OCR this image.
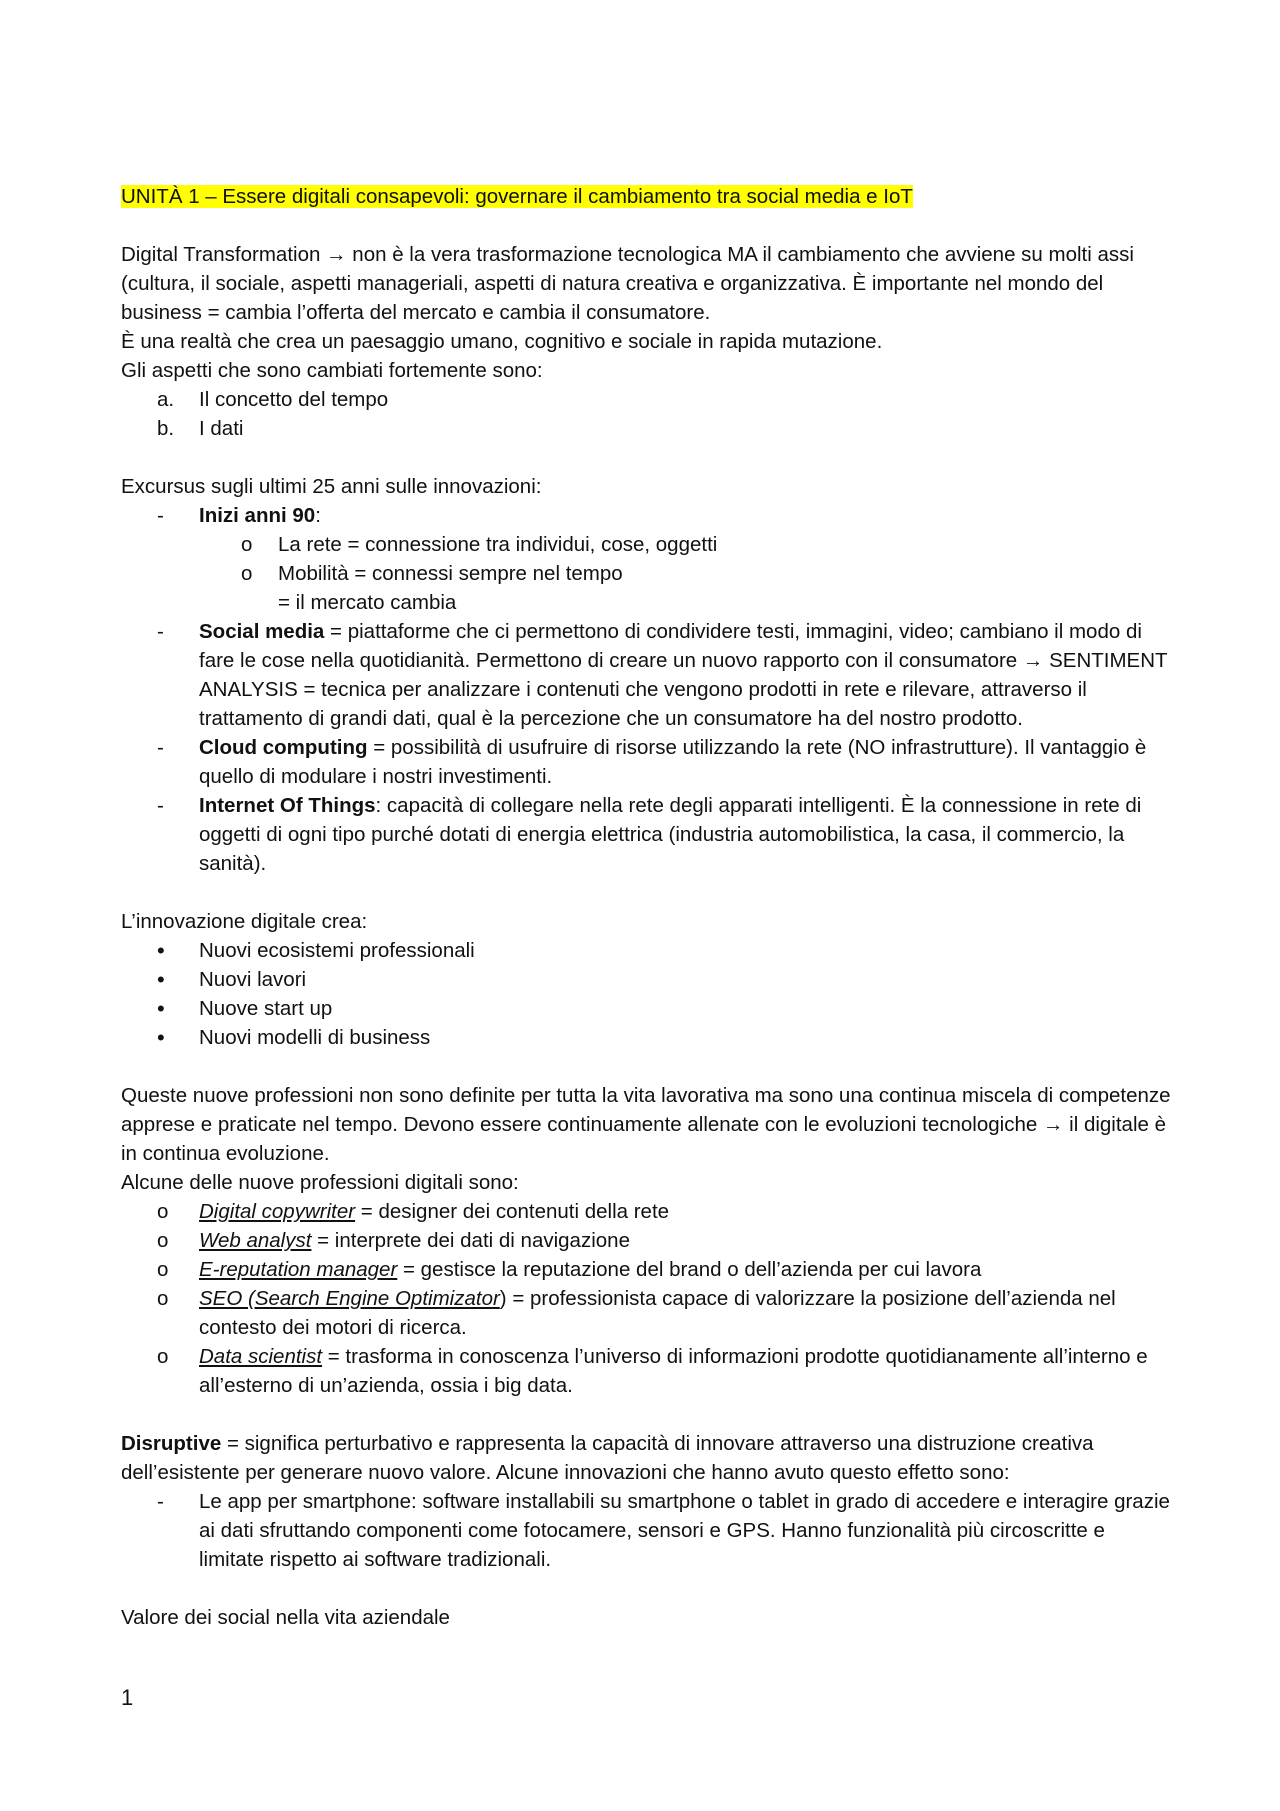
UNITÀ 1 – Essere digitali consapevoli: governare il cambiamento tra social media e IoT

Digital Transformation → non è la vera trasformazione tecnologica MA il cambiamento che avviene su molti assi (cultura, il sociale, aspetti manageriali, aspetti di natura creativa e organizzativa. È importante nel mondo del business = cambia l’offerta del mercato e cambia il consumatore.

È una realtà che crea un paesaggio umano, cognitivo e sociale in rapida mutazione.

Gli aspetti che sono cambiati fortemente sono:

a.	Il concetto del tempo
b.	I dati

Excursus sugli ultimi 25 anni sulle innovazioni:

-	Inizi anni 90:
o	La rete = connessione tra individui, cose, oggetti
o	Mobilità = connessi sempre nel tempo

= il mercato cambia

-	Social media = piattaforme che ci permettono di condividere testi, immagini, video; cambiano il modo di fare le cose nella quotidianità. Permettono di creare un nuovo rapporto con il consumatore → SENTIMENT ANALYSIS = tecnica per analizzare i contenuti che vengono prodotti in rete e rilevare, attraverso il trattamento di grandi dati, qual è la percezione che un consumatore ha del nostro prodotto.
-	Cloud computing = possibilità di usufruire di risorse utilizzando la rete (NO infrastrutture). Il vantaggio è quello di modulare i nostri investimenti.
-	Internet Of Things: capacità di collegare nella rete degli apparati intelligenti. È la connessione in rete di oggetti di ogni tipo purché dotati di energia elettrica (industria automobilistica, la casa, il commercio, la sanità).

L’innovazione digitale crea:

•	Nuovi ecosistemi professionali
•	Nuovi lavori
•	Nuove start up
•	Nuovi modelli di business

Queste nuove professioni non sono definite per tutta la vita lavorativa ma sono una continua miscela di competenze apprese e praticate nel tempo. Devono essere continuamente allenate con le evoluzioni tecnologiche → il digitale è in continua evoluzione.

Alcune delle nuove professioni digitali sono:

o	Digital copywriter = designer dei contenuti della rete
o	Web analyst = interprete dei dati di navigazione
o	E-reputation manager = gestisce la reputazione del brand o dell’azienda per cui lavora
o	SEO (Search Engine Optimizator) = professionista capace di valorizzare la posizione dell’azienda nel contesto dei motori di ricerca.
o	Data scientist = trasforma in conoscenza l’universo di informazioni prodotte quotidianamente all’interno e all’esterno di un’azienda, ossia i big data.

Disruptive = significa perturbativo e rappresenta la capacità di innovare attraverso una distruzione creativa dell’esistente per generare nuovo valore. Alcune innovazioni che hanno avuto questo effetto sono:

-	Le app per smartphone: software installabili su smartphone o tablet in grado di accedere e interagire grazie ai dati sfruttando componenti come fotocamere, sensori e GPS. Hanno funzionalità più circoscritte e limitate rispetto ai software tradizionali.

Valore dei social nella vita aziendale

1
